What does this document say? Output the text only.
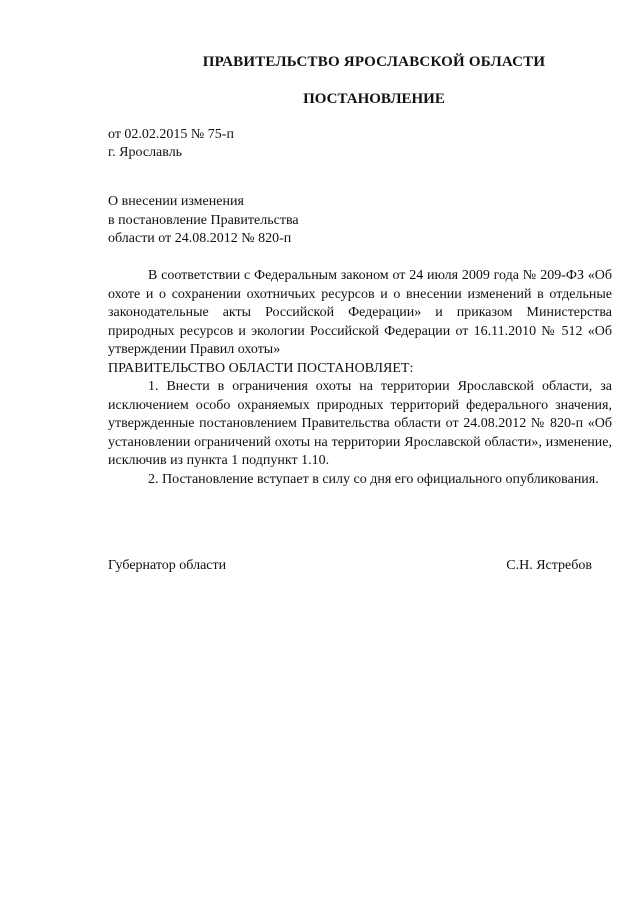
ПРАВИТЕЛЬСТВО ЯРОСЛАВСКОЙ ОБЛАСТИ
ПОСТАНОВЛЕНИЕ
от 02.02.2015 № 75-п
г. Ярославль
О внесении изменения
в постановление Правительства
области от 24.08.2012 № 820-п

В соответствии с Федеральным законом от 24 июля 2009 года № 209-ФЗ «Об охоте и о сохранении охотничьих ресурсов и о внесении изменений в отдельные законодательные акты Российской Федерации» и приказом Министерства природных ресурсов и экологии Российской Федерации от 16.11.2010 № 512 «Об утверждении Правил охоты»

ПРАВИТЕЛЬСТВО ОБЛАСТИ ПОСТАНОВЛЯЕТ:

1. Внести в ограничения охоты на территории Ярославской области, за исключением особо охраняемых природных территорий федерального значения, утвержденные постановлением Правительства области от 24.08.2012 № 820-п «Об установлении ограничений охоты на территории Ярославской области», изменение, исключив из пункта 1 подпункт 1.10.

2. Постановление вступает в силу со дня его официального опубликования.

Губернатор области	С.Н. Ястребов
